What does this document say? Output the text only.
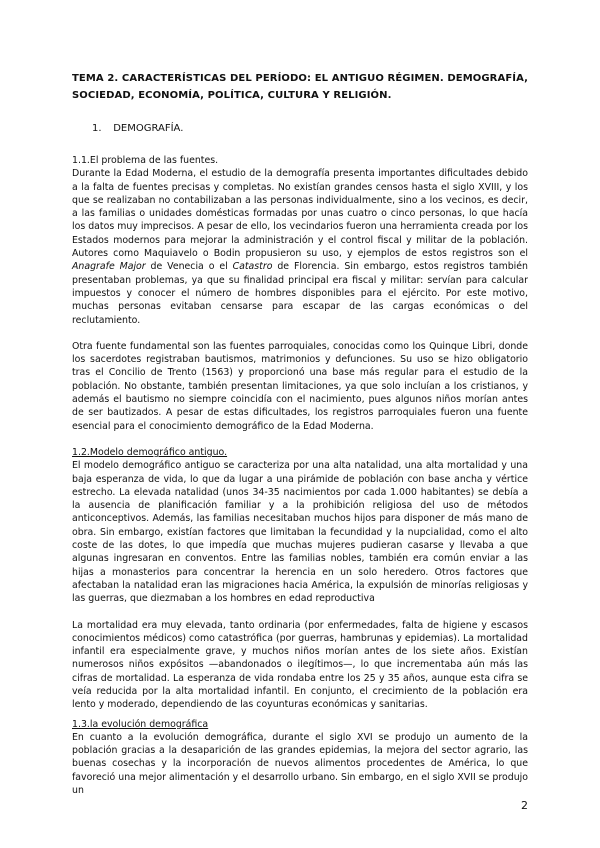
TEMA 2. CARACTERÍSTICAS DEL PERÍODO: EL ANTIGUO RÉGIMEN. DEMOGRAFÍA, SOCIEDAD, ECONOMÍA, POLÍTICA, CULTURA Y RELIGIÓN.
1. DEMOGRAFÍA.
1.1.El problema de las fuentes.

Durante la Edad Moderna, el estudio de la demografía presenta importantes dificultades debido a la falta de fuentes precisas y completas. No existían grandes censos hasta el siglo XVIII, y los que se realizaban no contabilizaban a las personas individualmente, sino a los vecinos, es decir, a las familias o unidades domésticas formadas por unas cuatro o cinco personas, lo que hacía los datos muy imprecisos. A pesar de ello, los vecindarios fueron una herramienta creada por los Estados modernos para mejorar la administración y el control fiscal y militar de la población. Autores como Maquiavelo o Bodin propusieron su uso, y ejemplos de estos registros son el Anagrafe Major de Venecia o el Catastro de Florencia. Sin embargo, estos registros también presentaban problemas, ya que su finalidad principal era fiscal y militar: servían para calcular impuestos y conocer el número de hombres disponibles para el ejército. Por este motivo, muchas personas evitaban censarse para escapar de las cargas económicas o del reclutamiento.

Otra fuente fundamental son las fuentes parroquiales, conocidas como los Quinque Libri, donde los sacerdotes registraban bautismos, matrimonios y defunciones. Su uso se hizo obligatorio tras el Concilio de Trento (1563) y proporcionó una base más regular para el estudio de la población. No obstante, también presentan limitaciones, ya que solo incluían a los cristianos, y además el bautismo no siempre coincidía con el nacimiento, pues algunos niños morían antes de ser bautizados. A pesar de estas dificultades, los registros parroquiales fueron una fuente esencial para el conocimiento demográfico de la Edad Moderna.

1.2.Modelo demográfico antiguo.

El modelo demográfico antiguo se caracteriza por una alta natalidad, una alta mortalidad y una baja esperanza de vida, lo que da lugar a una pirámide de población con base ancha y vértice estrecho. La elevada natalidad (unos 34-35 nacimientos por cada 1.000 habitantes) se debía a la ausencia de planificación familiar y a la prohibición religiosa del uso de métodos anticonceptivos. Además, las familias necesitaban muchos hijos para disponer de más mano de obra. Sin embargo, existían factores que limitaban la fecundidad y la nupcialidad, como el alto coste de las dotes, lo que impedía que muchas mujeres pudieran casarse y llevaba a que algunas ingresaran en conventos. Entre las familias nobles, también era común enviar a las hijas a monasterios para concentrar la herencia en un solo heredero. Otros factores que afectaban la natalidad eran las migraciones hacia América, la expulsión de minorías religiosas y las guerras, que diezmaban a los hombres en edad reproductiva

La mortalidad era muy elevada, tanto ordinaria (por enfermedades, falta de higiene y escasos conocimientos médicos) como catastrófica (por guerras, hambrunas y epidemias). La mortalidad infantil era especialmente grave, y muchos niños morían antes de los siete años. Existían numerosos niños expósitos —abandonados o ilegítimos—, lo que incrementaba aún más las cifras de mortalidad. La esperanza de vida rondaba entre los 25 y 35 años, aunque esta cifra se veía reducida por la alta mortalidad infantil. En conjunto, el crecimiento de la población era lento y moderado, dependiendo de las coyunturas económicas y sanitarias.

1.3.la evolución demográfica

En cuanto a la evolución demográfica, durante el siglo XVI se produjo un aumento de la población gracias a la desaparición de las grandes epidemias, la mejora del sector agrario, las buenas cosechas y la incorporación de nuevos alimentos procedentes de América, lo que favoreció una mejor alimentación y el desarrollo urbano. Sin embargo, en el siglo XVII se produjo un

2
